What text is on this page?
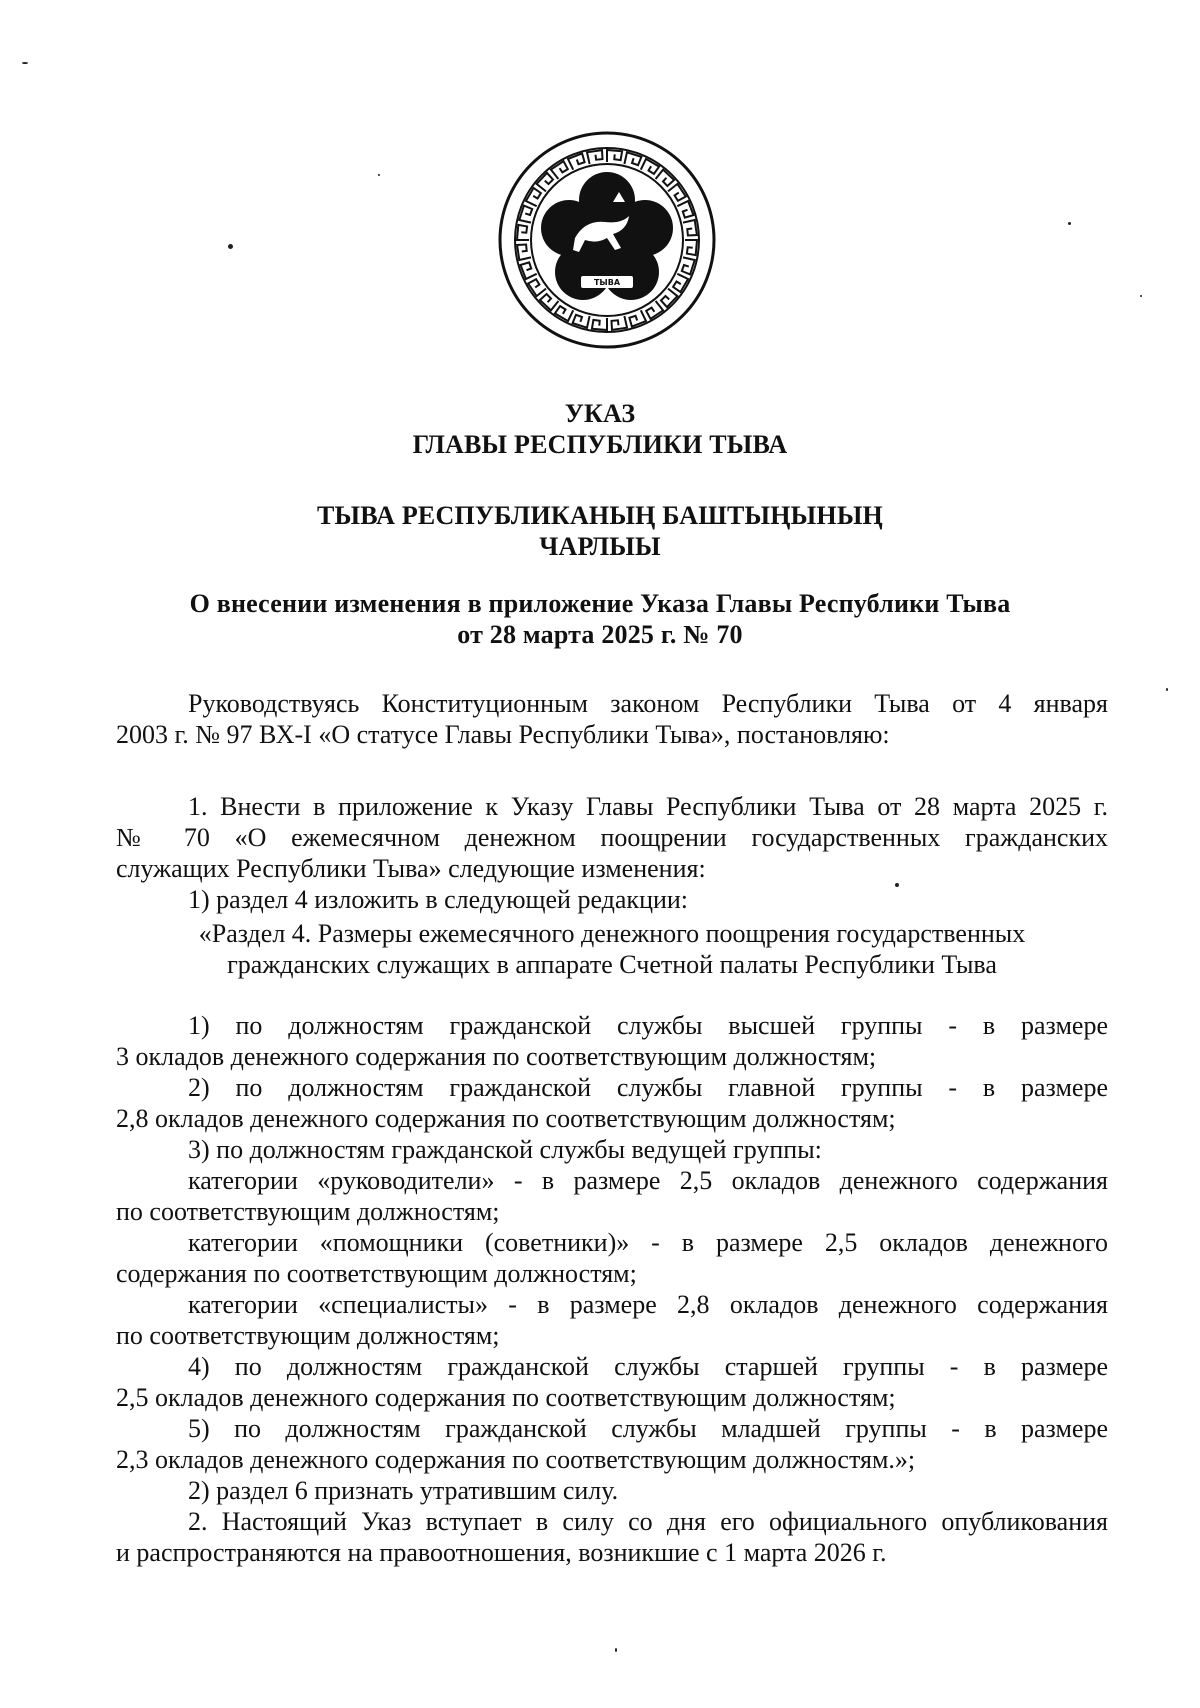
ТЫВА
УКАЗ
ГЛАВЫ РЕСПУБЛИКИ ТЫВА
ТЫВА РЕСПУБЛИКАНЫҢ БАШТЫҢЫНЫҢ
ЧАРЛЫЫ
О внесении изменения в приложение Указа Главы Республики Тыва
от 28 марта 2025 г. № 70
Руководствуясь Конституционным законом Республики Тыва от 4 января
2003 г. № 97 ВХ-I «О статусе Главы Республики Тыва», постановляю:
1. Внести в приложение к Указу Главы Республики Тыва от 28 марта 2025 г.
№ 70 «О ежемесячном денежном поощрении государственных гражданских
служащих Республики Тыва» следующие изменения:
1) раздел 4 изложить в следующей редакции:
«Раздел 4. Размеры ежемесячного денежного поощрения государственных
гражданских служащих в аппарате Счетной палаты Республики Тыва
1) по должностям гражданской службы высшей группы - в размере
3 окладов денежного содержания по соответствующим должностям;
2) по должностям гражданской службы главной группы - в размере
2,8 окладов денежного содержания по соответствующим должностям;
3) по должностям гражданской службы ведущей группы:
категории «руководители» - в размере 2,5 окладов денежного содержания
по соответствующим должностям;
категории «помощники (советники)» - в размере 2,5 окладов денежного
содержания по соответствующим должностям;
категории «специалисты» - в размере 2,8 окладов денежного содержания
по соответствующим должностям;
4) по должностям гражданской службы старшей группы - в размере
2,5 окладов денежного содержания по соответствующим должностям;
5) по должностям гражданской службы младшей группы - в размере
2,3 окладов денежного содержания по соответствующим должностям.»;
2) раздел 6 признать утратившим силу.
2. Настоящий Указ вступает в силу со дня его официального опубликования
и распространяются на правоотношения, возникшие с 1 марта 2026 г.
